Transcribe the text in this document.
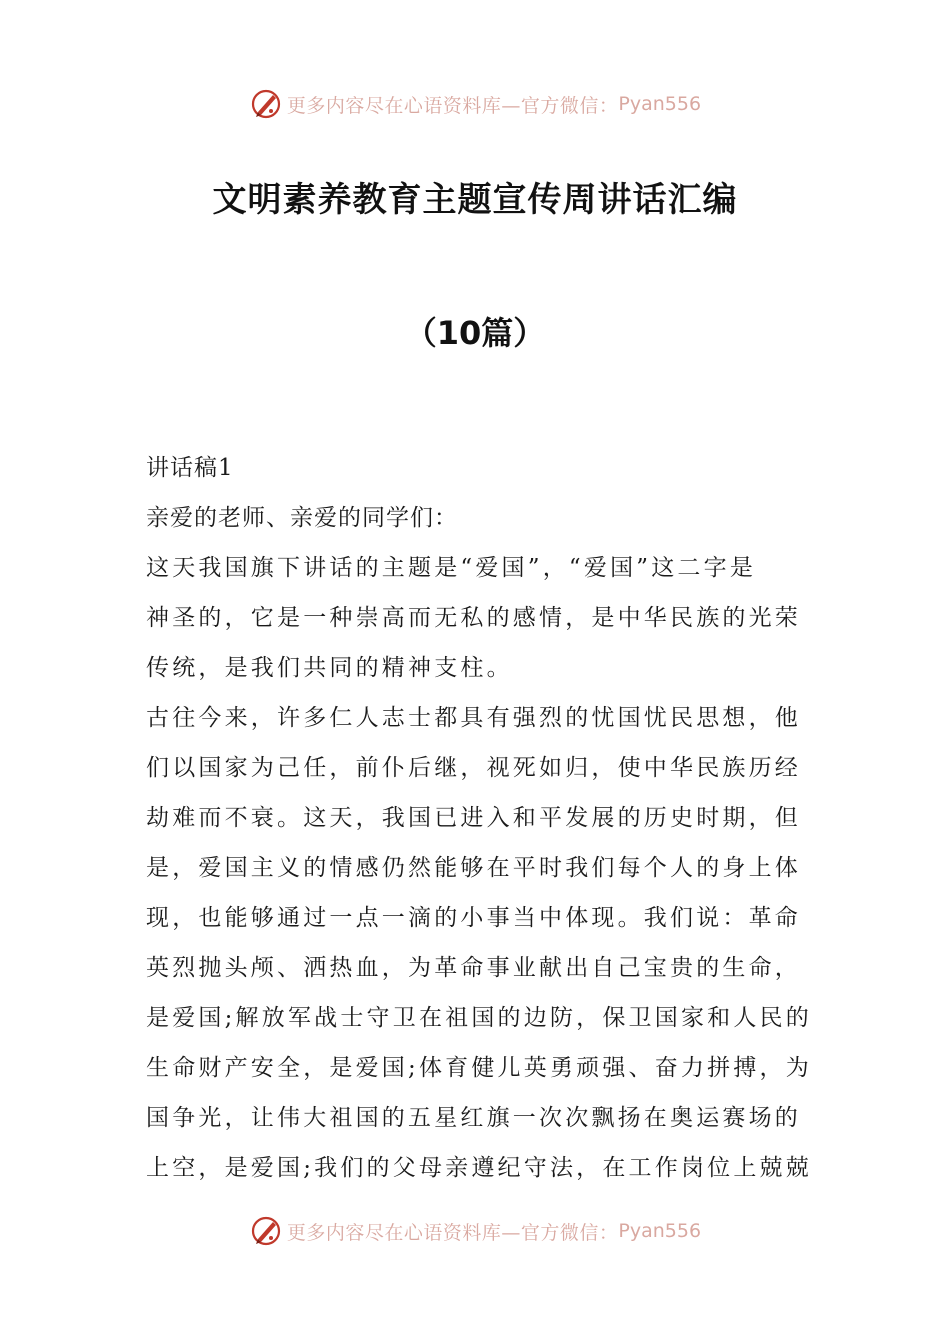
更多内容尽在心语资料库—官方微信： Pyan556
文明素养教育主题宣传周讲话汇编
（10篇）
讲话稿1
亲爱的老师、亲爱的同学们：
这天我国旗下讲话的主题是“爱国”，“爱国”这二字是
神圣的，它是一种崇高而无私的感情，是中华民族的光荣
传统，是我们共同的精神支柱。
古往今来，许多仁人志士都具有强烈的忧国忧民思想，他
们以国家为己任，前仆后继，视死如归，使中华民族历经
劫难而不衰。这天，我国已进入和平发展的历史时期，但
是，爱国主义的情感仍然能够在平时我们每个人的身上体
现，也能够通过一点一滴的小事当中体现。我们说：革命
英烈抛头颅、洒热血，为革命事业献出自己宝贵的生命，
是爱国;解放军战士守卫在祖国的边防，保卫国家和人民的
生命财产安全，是爱国;体育健儿英勇顽强、奋力拼搏，为
国争光，让伟大祖国的五星红旗一次次飘扬在奥运赛场的
上空，是爱国;我们的父母亲遵纪守法，在工作岗位上兢兢
更多内容尽在心语资料库—官方微信： Pyan556
